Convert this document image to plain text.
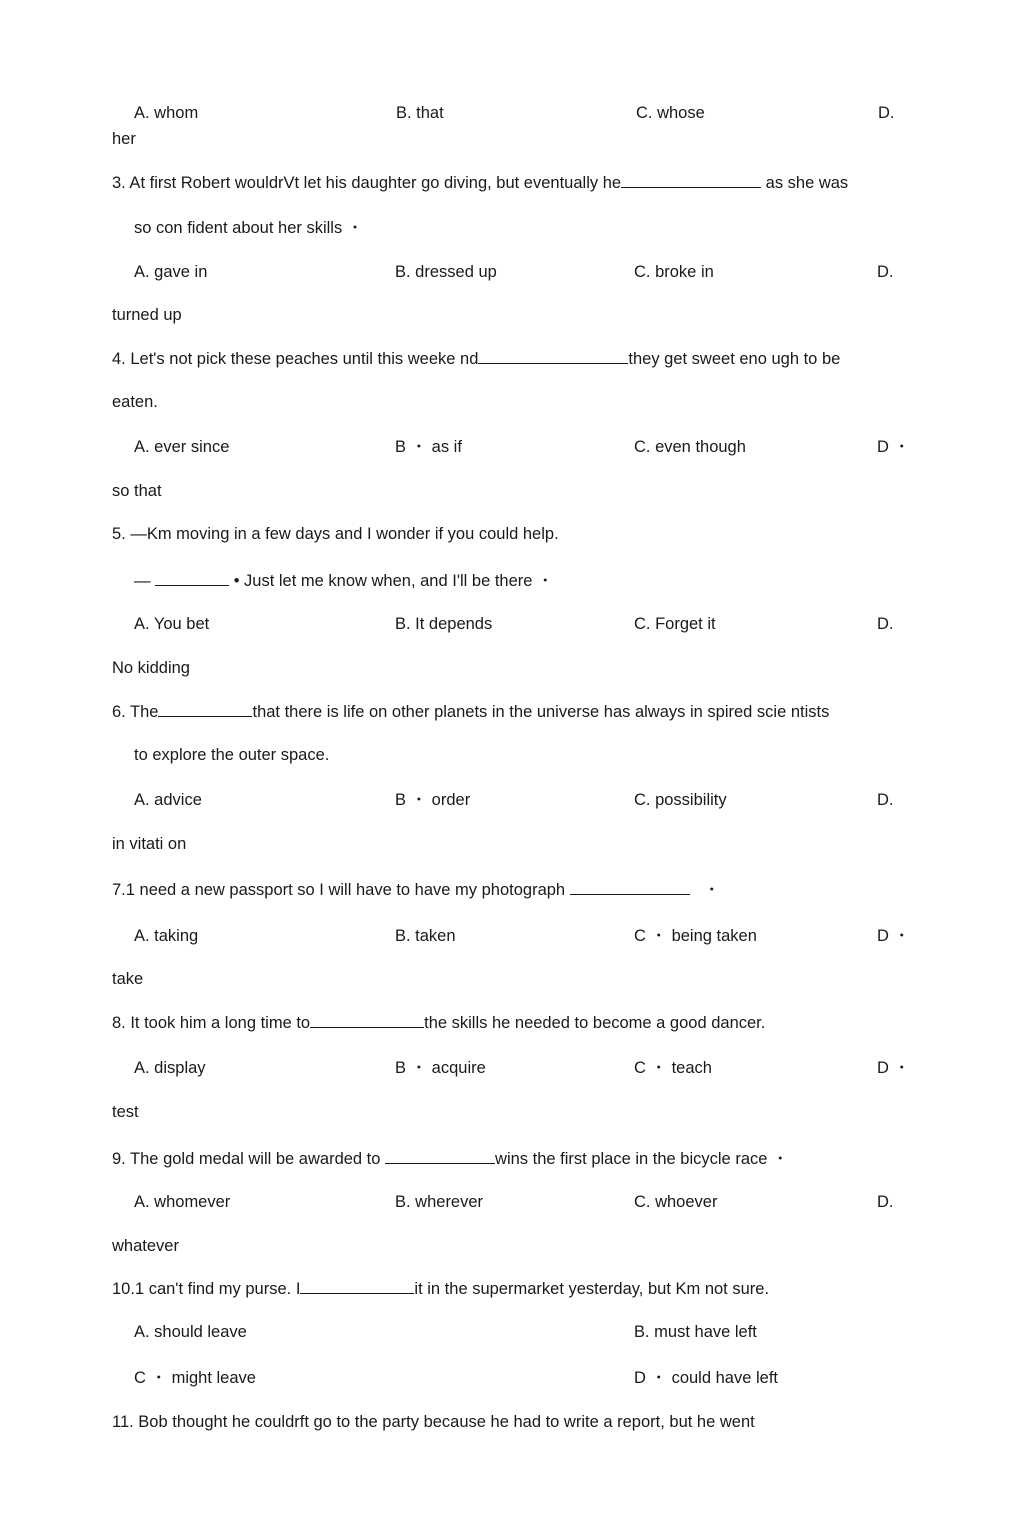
A. whom	B. that	C. whose	D.
her
3. At first Robert wouldrVt let his daughter go diving, but eventually he	as she was
so con fident about her skills ・
A. gave in	B. dressed up	C. broke in	D.
turned up
4. Let's not pick these peaches until this weeke nd	they get sweet eno ugh to be
eaten.
A. ever since	B ・ as if	C. even though	D ・
so that
5. —Km moving in a few days and I wonder if you could help.
—	• Just let me know when, and I'll be there ・
A. You bet	B. It depends	C. Forget it	D.
No kidding
6. The	that there is life on other planets in the universe has always in spired scie ntists
to explore the outer space.
A. advice	B ・ order	C. possibility	D.
in vitati on
7.1 need a new passport so I will have to have my photograph	・
A. taking	B. taken	C ・ being taken	D ・
take
8. It took him a long time to	the skills he needed to become a good dancer.
A. display	B ・ acquire	C ・ teach	D ・
test
9. The gold medal will be awarded to	wins the first place in the bicycle race ・
A. whomever	B. wherever	C. whoever	D.
whatever
10.1 can't find my purse. I	it in the supermarket yesterday, but Km not sure.
A. should leave	B. must have left
C ・ might leave	D ・ could have left
11. Bob thought he couldrft go to the party because he had to write a report, but he went
